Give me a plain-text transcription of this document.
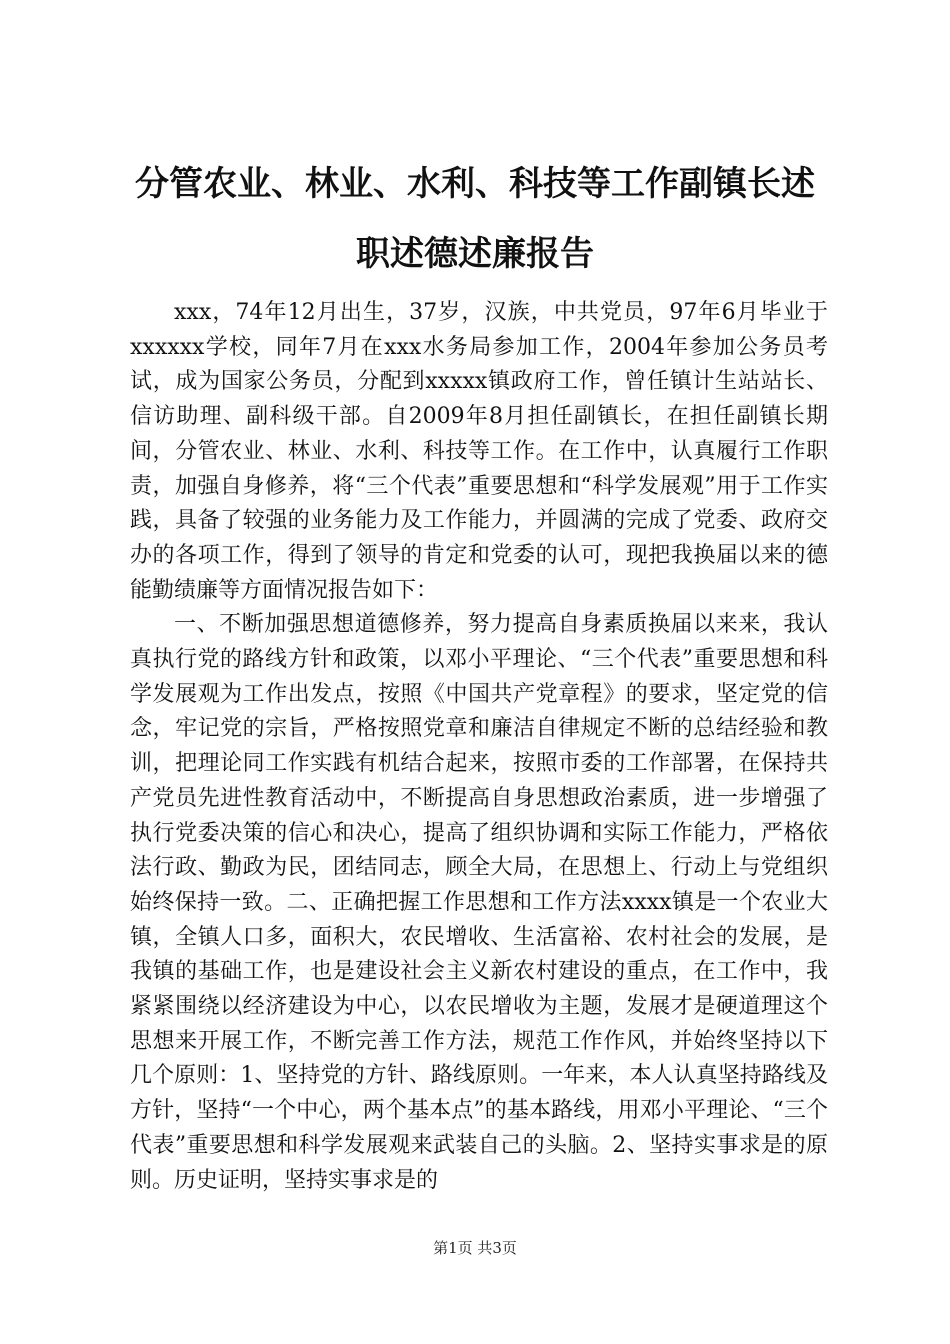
分管农业、林业、水利、科技等工作副镇长述
职述德述廉报告

xxx，74年12月出生，37岁，汉族，中共党员，97年6月毕业于xxxxxx学校，同年7月在xxx水务局参加工作，2004年参加公务员考试，成为国家公务员，分配到xxxxx镇政府工作，曾任镇计生站站长、信访助理、副科级干部。自2009年8月担任副镇长，在担任副镇长期间，分管农业、林业、水利、科技等工作。在工作中，认真履行工作职责，加强自身修养，将“三个代表”重要思想和“科学发展观”用于工作实践，具备了较强的业务能力及工作能力，并圆满的完成了党委、政府交办的各项工作，得到了领导的肯定和党委的认可，现把我换届以来的德能勤绩廉等方面情况报告如下：

一、不断加强思想道德修养，努力提高自身素质换届以来来，我认真执行党的路线方针和政策，以邓小平理论、“三个代表”重要思想和科学发展观为工作出发点，按照《中国共产党章程》的要求，坚定党的信念，牢记党的宗旨，严格按照党章和廉洁自律规定不断的总结经验和教训，把理论同工作实践有机结合起来，按照市委的工作部署，在保持共产党员先进性教育活动中，不断提高自身思想政治素质，进一步增强了执行党委决策的信心和决心，提高了组织协调和实际工作能力，严格依法行政、勤政为民，团结同志，顾全大局，在思想上、行动上与党组织始终保持一致。二、正确把握工作思想和工作方法xxxx镇是一个农业大镇，全镇人口多，面积大，农民增收、生活富裕、农村社会的发展，是我镇的基础工作，也是建设社会主义新农村建设的重点，在工作中，我紧紧围绕以经济建设为中心，以农民增收为主题，发展才是硬道理这个思想来开展工作，不断完善工作方法，规范工作作风，并始终坚持以下几个原则：1、坚持党的方针、路线原则。一年来，本人认真坚持路线及方针，坚持“一个中心，两个基本点”的基本路线，用邓小平理论、“三个代表”重要思想和科学发展观来武装自己的头脑。2、坚持实事求是的原则。历史证明，坚持实事求是的

第1页 共3页
